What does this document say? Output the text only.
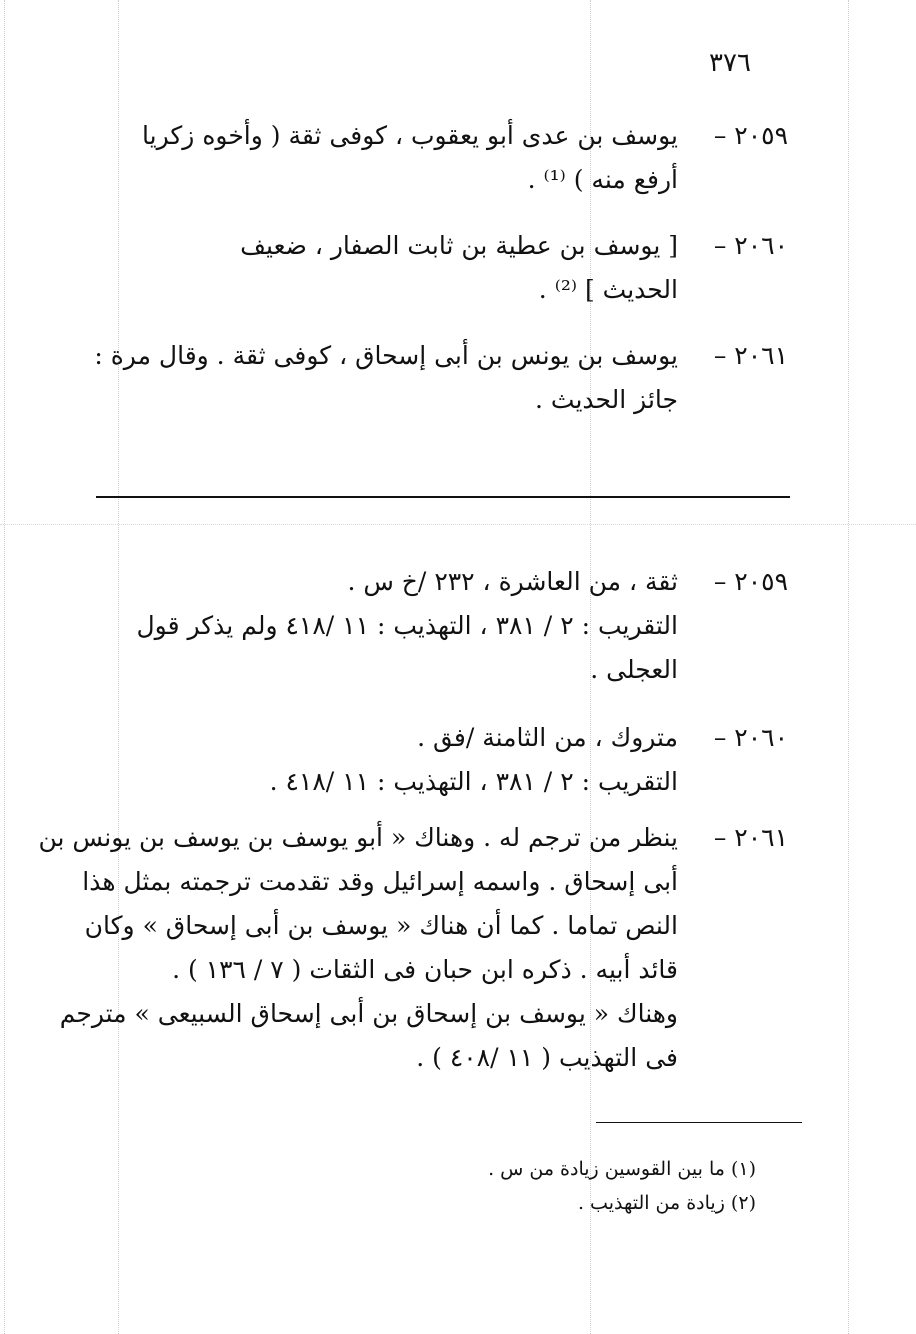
٣٧٦
٢٠٥٩ –
يوسف بن عدى أبو يعقوب ، كوفى ثقة ( وأخوه زكريا
أرفع منه ) ⁽¹⁾ .
٢٠٦٠ –
[ يوسف بن عطية بن ثابت الصفار ، ضعيف
الحديث ] ⁽²⁾ .
٢٠٦١ –
يوسف بن يونس بن أبى إسحاق ، كوفى ثقة . وقال مرة :
جائز الحديث .
٢٠٥٩ –
ثقة ، من العاشرة ، ٢٣٢ /خ س .
التقريب : ٢ / ٣٨١ ، التهذيب : ١١ /٤١٨ ولم يذكر قول
العجلى .
٢٠٦٠ –
متروك ، من الثامنة /فق .
التقريب : ٢ / ٣٨١ ، التهذيب : ١١ /٤١٨ .
٢٠٦١ –
ينظر من ترجم له . وهناك « أبو يوسف بن يوسف بن يونس بن
أبى إسحاق . واسمه إسرائيل وقد تقدمت ترجمته بمثل هذا
النص تماما . كما أن هناك « يوسف بن أبى إسحاق » وكان
قائد أبيه . ذكره ابن حبان فى الثقات ( ٧ / ١٣٦ ) .
وهناك « يوسف بن إسحاق بن أبى إسحاق السبيعى » مترجم
فى التهذيب ( ١١ /٤٠٨ ) .
(١) ما بين القوسين زيادة من س .
(٢) زيادة من التهذيب .
